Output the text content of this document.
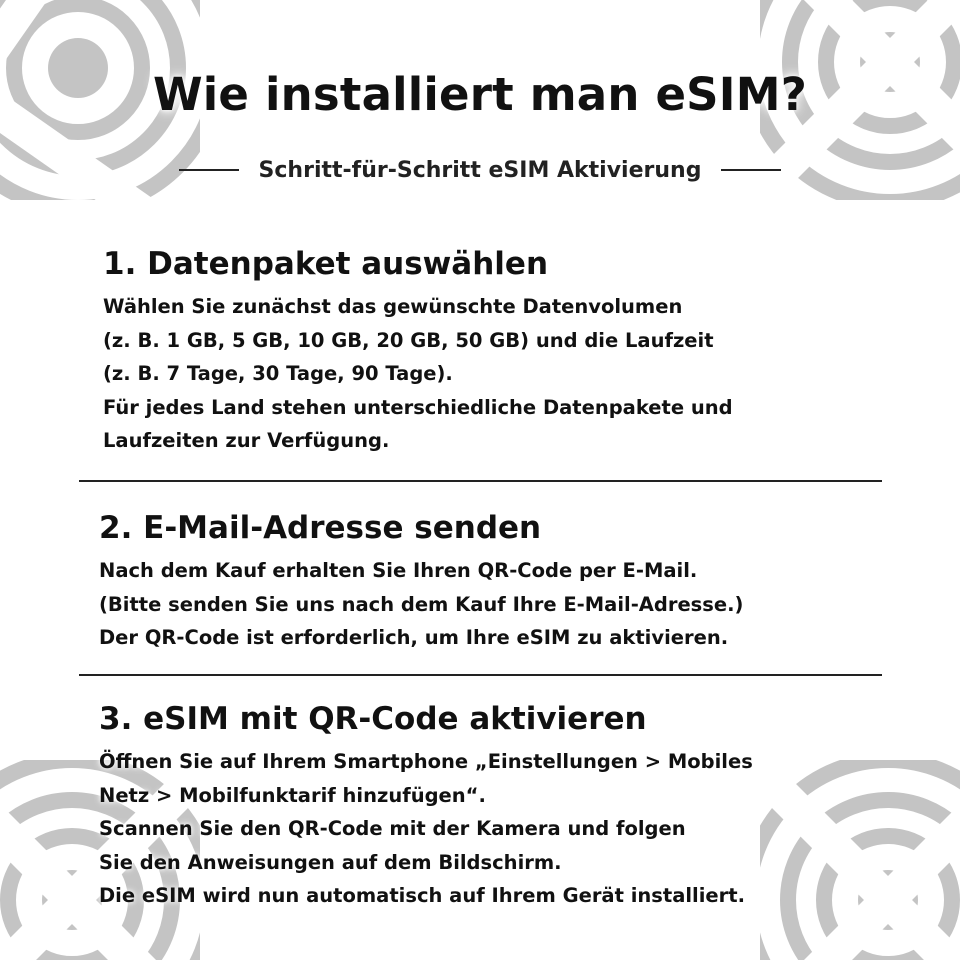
Wie installiert man eSIM?
Schritt-für-Schritt eSIM Aktivierung
1. Datenpaket auswählen
Wählen Sie zunächst das gewünschte Datenvolumen
(z. B. 1 GB, 5 GB, 10 GB, 20 GB, 50 GB) und die Laufzeit
(z. B. 7 Tage, 30 Tage, 90 Tage).
Für jedes Land stehen unterschiedliche Datenpakete und
Laufzeiten zur Verfügung.
2. E-Mail-Adresse senden
Nach dem Kauf erhalten Sie Ihren QR-Code per E-Mail.
(Bitte senden Sie uns nach dem Kauf Ihre E-Mail-Adresse.)
Der QR-Code ist erforderlich, um Ihre eSIM zu aktivieren.
3. eSIM mit QR-Code aktivieren
Öffnen Sie auf Ihrem Smartphone „Einstellungen > Mobiles
Netz > Mobilfunktarif hinzufügen“.
Scannen Sie den QR-Code mit der Kamera und folgen
Sie den Anweisungen auf dem Bildschirm.
Die eSIM wird nun automatisch auf Ihrem Gerät installiert.
